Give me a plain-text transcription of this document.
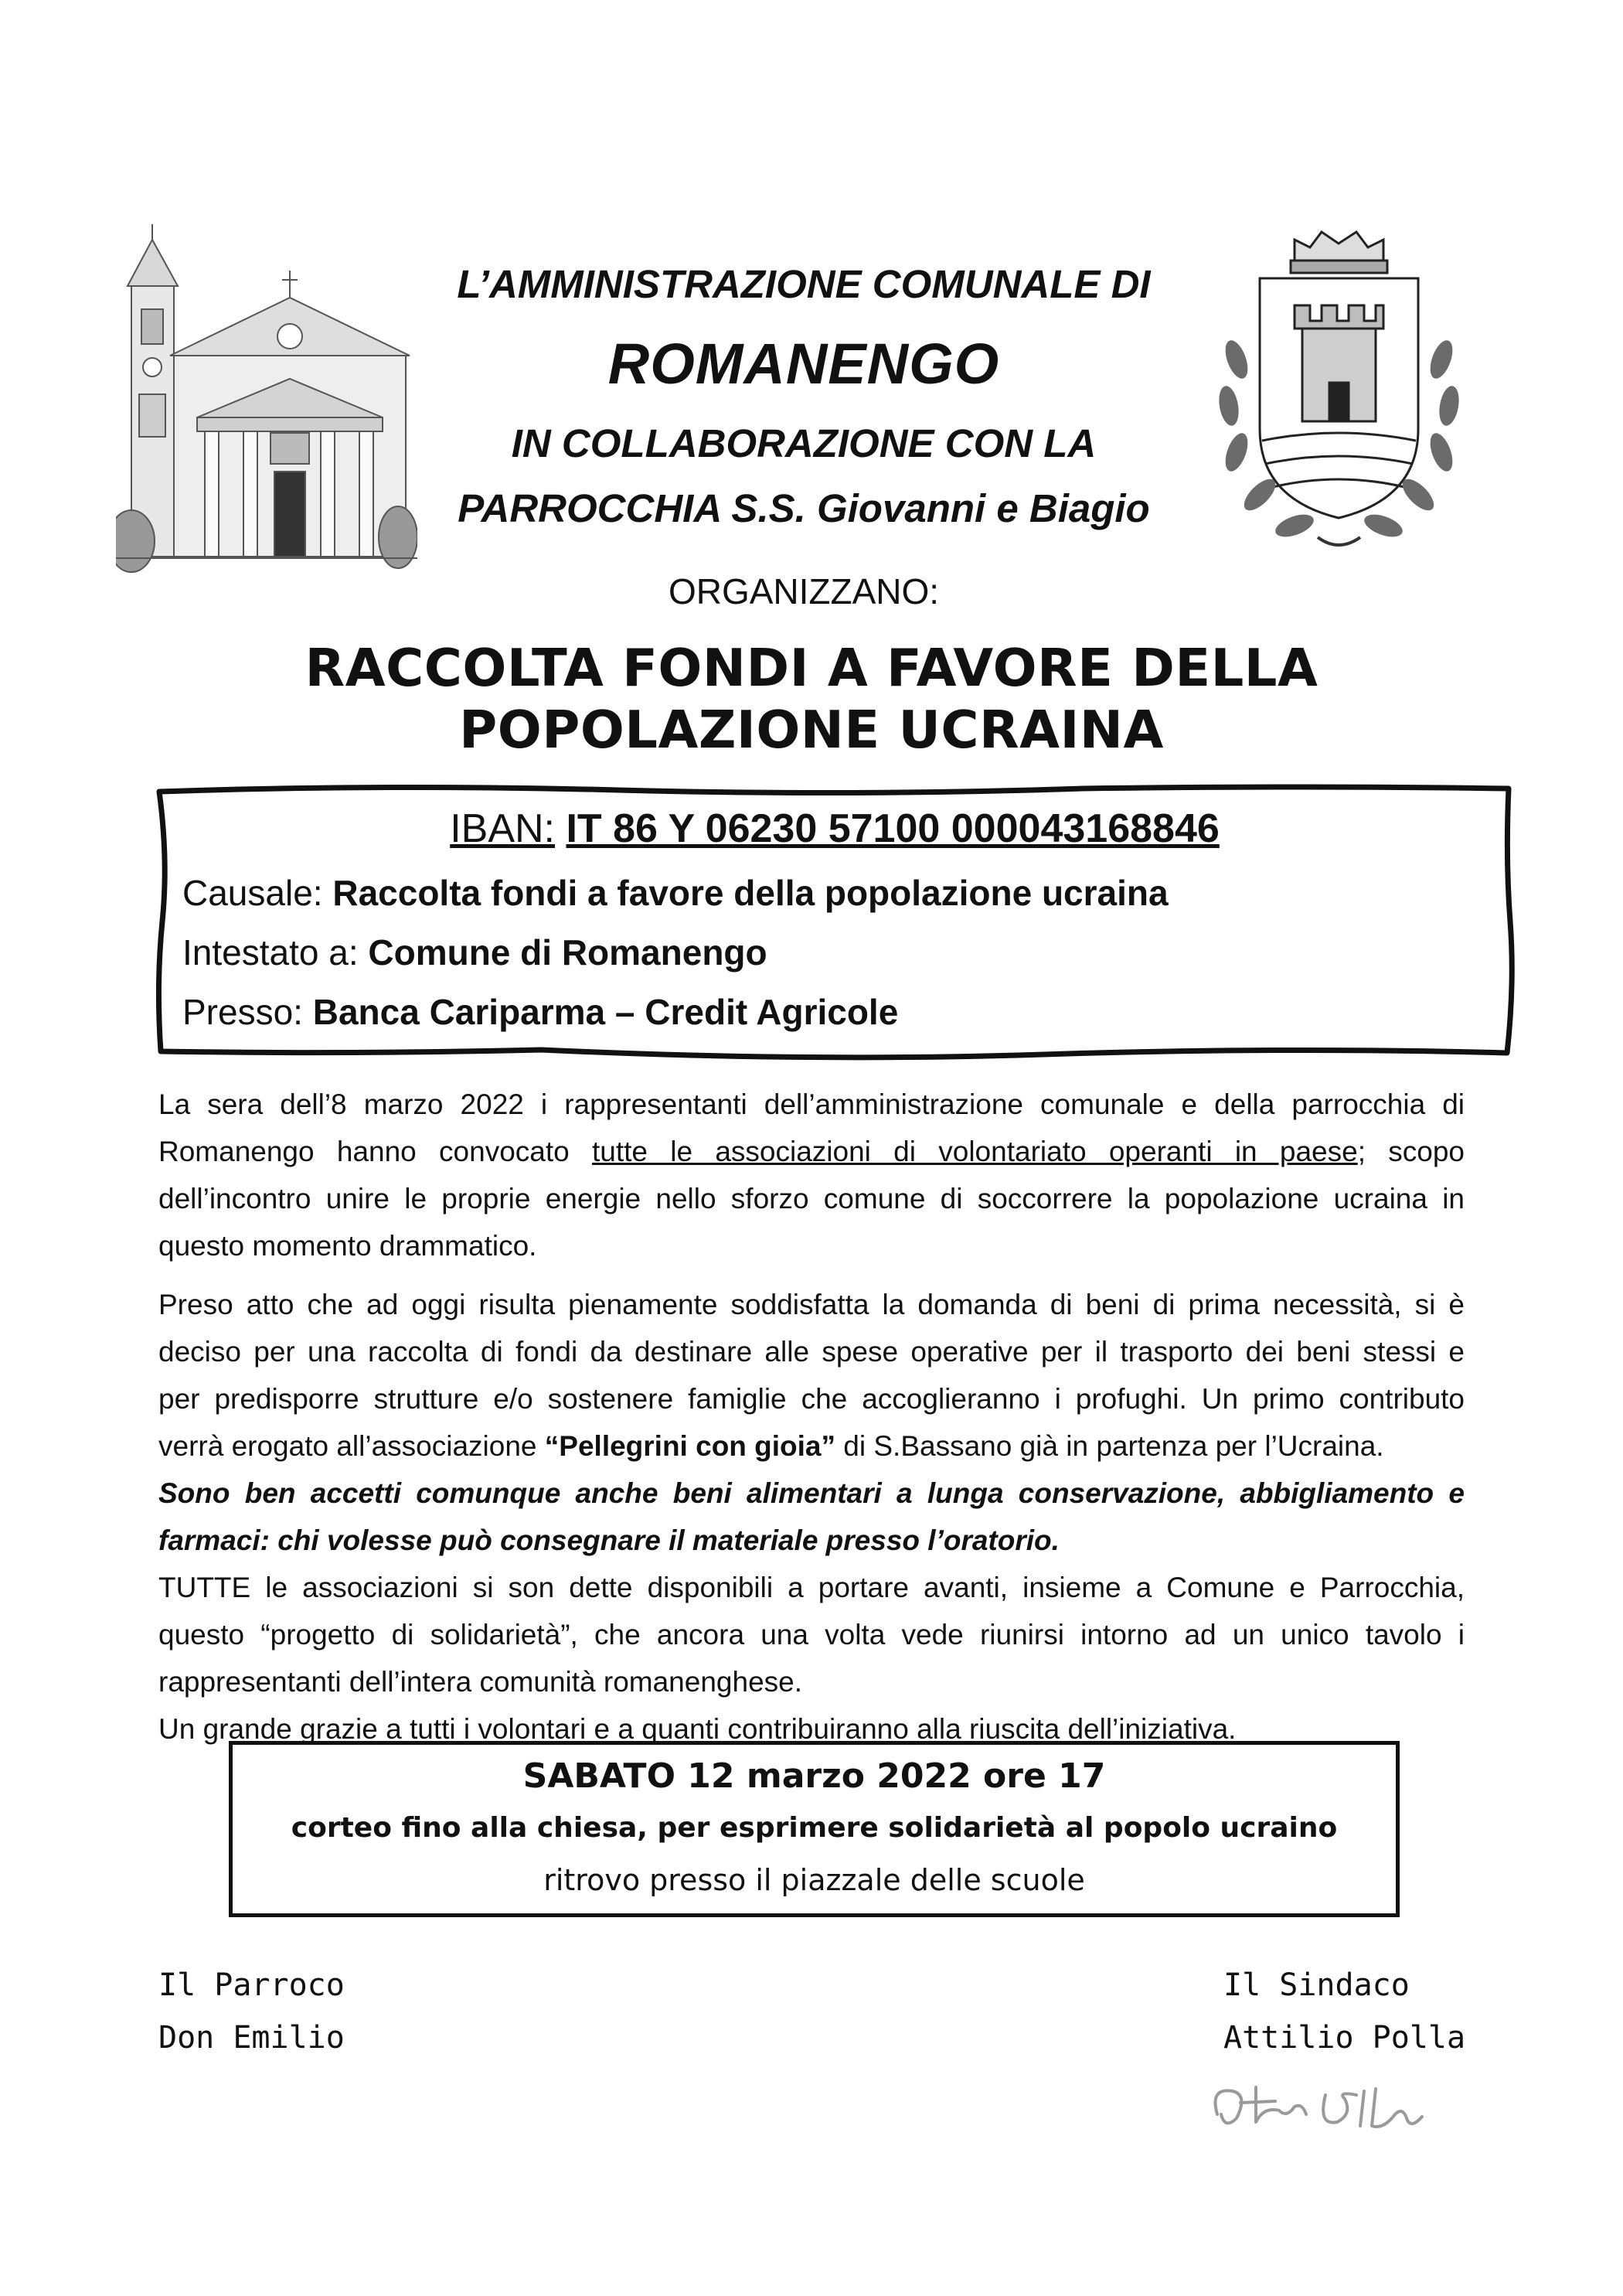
L’AMMINISTRAZIONE COMUNALE DI
ROMANENGO
IN COLLABORAZIONE CON LA
PARROCCHIA S.S. Giovanni e Biagio
ORGANIZZANO:
RACCOLTA FONDI A FAVORE DELLA
POPOLAZIONE UCRAINA
IBAN: IT 86 Y 06230 57100 000043168846
Causale: Raccolta fondi a favore della popolazione ucraina
Intestato a: Comune di Romanengo
Presso: Banca Cariparma – Credit Agricole
La sera dell’8 marzo 2022 i rappresentanti dell’amministrazione comunale e della parrocchia di
Romanengo hanno convocato tutte le associazioni di volontariato operanti in paese; scopo
dell’incontro unire le proprie energie nello sforzo comune di soccorrere la popolazione ucraina in
questo momento drammatico.
Preso atto che ad oggi risulta pienamente soddisfatta la domanda di beni di prima necessità, si è
deciso per una raccolta di fondi da destinare alle spese operative per il trasporto dei beni stessi e
per predisporre strutture e/o sostenere famiglie che accoglieranno i profughi. Un primo contributo
verrà erogato all’associazione “Pellegrini con gioia” di S.Bassano già in partenza per l’Ucraina.
Sono ben accetti comunque anche beni alimentari a lunga conservazione, abbigliamento e
farmaci: chi volesse può consegnare il materiale presso l’oratorio.
TUTTE le associazioni si son dette disponibili a portare avanti, insieme a Comune e Parrocchia,
questo “progetto di solidarietà”, che ancora una volta vede riunirsi intorno ad un unico tavolo i
rappresentanti dell’intera comunità romanenghese.
Un grande grazie a tutti i volontari e a quanti contribuiranno alla riuscita dell’iniziativa.
SABATO 12 marzo 2022 ore 17
corteo fino alla chiesa, per esprimere solidarietà al popolo ucraino
ritrovo presso il piazzale delle scuole
Il Parroco
Don Emilio
Il Sindaco
Attilio Polla
